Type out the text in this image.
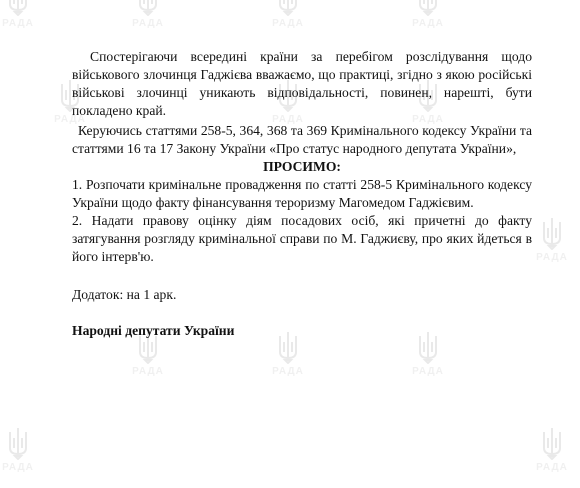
РАДА	РАДА	РАДА	РАДА
РАДА	РАДА	РАДА
РАДА
РАДА	РАДА	РАДА
РАДА	РАДА
Спостерігаючи всередині країни за перебігом розслідування щодо військового злочинця Гаджієва вважаємо, що практиці, згідно з якою російські військові злочинці уникають відповідальності, повинен, нарешті, бути покладено край.
Керуючись статтями 258-5, 364, 368 та 369 Кримінального кодексу України та статтями 16 та 17 Закону України «Про статус народного депутата України»,
ПРОСИМО:
1. Розпочати кримінальне провадження по статті 258-5 Кримінального кодексу України щодо факту фінансування тероризму Магомедом Гаджієвим.
2. Надати правову оцінку діям посадових осіб, які причетні до факту затягування розгляду кримінальної справи по М. Гаджиєву, про яких йдеться в його інтерв'ю.
Додаток: на 1 арк.
Народні депутати України
